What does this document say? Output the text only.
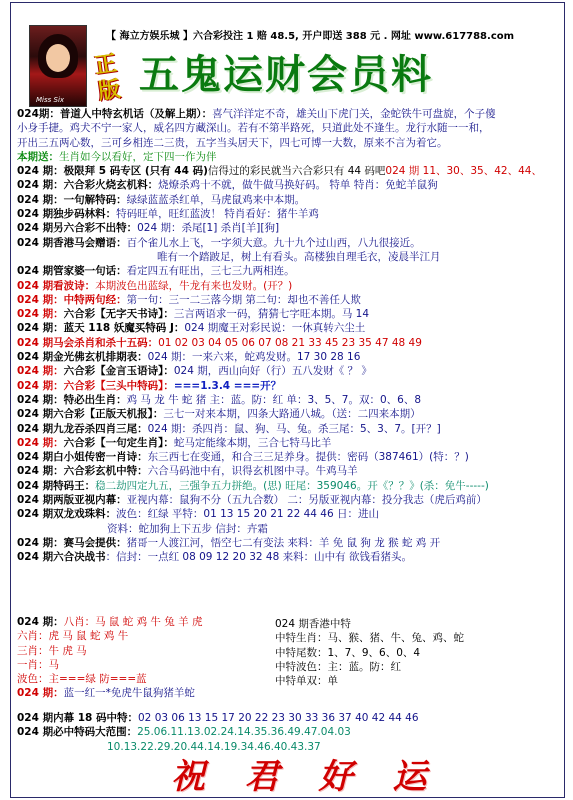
【 海立方娱乐城 】六合彩投注 1 赔 48.5, 开户即送 388 元 . 网址 www.617788.com
Miss Six
正版 五鬼运财会员料
024期：普道人中特玄机话（及解上期）：喜气洋洋定不奇，雄关山下虎门关，金蛇铁牛可盘旋，个子傻
小身手捷。鸡犬不宁一家人，威名四方藏深山。若有不第半路死，只道此处不逢生。龙行水随一一和，
开出三五两心数，三可乡相连二三贵，五字当头居天下，四七可博一大数，原来不言为着它。
本期送：生肖如今以看好，定下四一作为伴
024 期：极限拜 5 码专区 (只有 44 码)信得过的彩民就当六合彩只有 44 码吧024 期 11、30、35、42、44、
024 期：六合彩火烧玄机料：烧燎杀鸡十不就，做牛做马换好码。 特单 特肖：免蛇羊鼠狗
024 期：一句解特码：绿绿蓝蓝杀红单，马虎鼠鸡来中本期。
024 期独步码林料：特码旺单，旺红蓝波！ 特肖看好：猪牛羊鸡
024 期另六合彩不出特：024 期：杀尾[1] 杀肖[羊][狗]
024 期香港马会赠语：百个雀儿水上飞，一字须大意。九十九个过山西，八九很接近。
唯有一个踏跛足，树上有看头。高楼独自理毛衣，凌晨半江月
024 期管家婆一句话：看定四五有旺出，三七三九两相连。
024 期看波诗：本期波色出蓝绿，牛龙有来也发财。(开？)
024 期：中特两句经：第一句：三一二三落今期 第二句：却也不善任人欺
024 期：六合彩【无字天书诗】：三言两语求一码，猜猜七字旺本期。马 14
024 期：蓝天 118 妖魔买特码 J：024 期魔王对彩民说：一休真转六尘土
024 期马会杀肖和杀十五码：01 02 03 04 05 06 07 08 21 33 45 23 35 47 48 49
024 期金光佛玄机排期表：024 期：一来六来，蛇鸡发财。17 30 28 16
024 期：六合彩【金言玉语诗】：024 期，西山向好（行）五八发财《 ？ 》
024 期：六合彩【三头中特码】：===1.3.4 ===开？
024 期：特必出生肖：鸡 马 龙 牛 蛇 猪 主：蓝。防：红 单：3、5、7。双：0、6、8
024 期六合彩【正版天机报】：三七一对来本期，四条大路通八城。（送：二四来本期）
024 期九龙吞杀四肖三尾：024 期：杀四肖：鼠、狗、马、兔。杀三尾：5、3、7。[开？]
024 期：六合彩【一句定生肖】：蛇马定能缘本期，三合七特马比羊
024 期白小姐传密一肖诗：东三西七在变通，和合三三足养身。提供：密码（387461）(特：？)
024 期：六合彩玄机中特：六合马码池中有，识得玄机图中寻。牛鸡马羊
024 期特码王：稳二劫四定九五，三强争五力拼绝。(思) 旺尾：359046。开《？？》(杀：免牛-----)
024 期两版亚视内幕：亚视内幕：鼠狗不分（五九合数） 二：另版亚视内幕：投分我志（虎后鸡前）
024 期双龙戏珠料：波色：红绿 平特：01 13 15 20 21 22 44 46 日：进山
资料：蛇加狗上下五步 信封：卉霜
024 期：赛马会提供：猪哥一人渡江河，悟空七二有变法 来料：羊 免 鼠 狗 龙 猴 蛇 鸡 开
024 期六合决战书：信封：一点红 08 09 12 20 32 48 来料：山中有 欲钱看猪头。
024 期：八肖：马 鼠 蛇 鸡 牛 兔 羊 虎
六肖：虎 马 鼠 蛇 鸡 牛
三肖：牛 虎 马
一肖：马
波色：主===绿 防===蓝
024 期：蓝一红一*免虎牛鼠狗猪羊蛇
024 期香港中特
中特生肖：马、猴、猪、牛、兔、鸡、蛇
中特尾数：1、7、9、6、0、4
中特波色：主：蓝。防：红
中特单双：单
024 期内幕 18 码中特：02 03 06 13 15 17 20 22 23 30 33 36 37 40 42 44 46
024 期必中特码大范围：25.06.11.13.02.24.14.35.36.49.47.04.03
10.13.22.29.20.44.14.19.34.46.40.43.37
祝 君 好 运
